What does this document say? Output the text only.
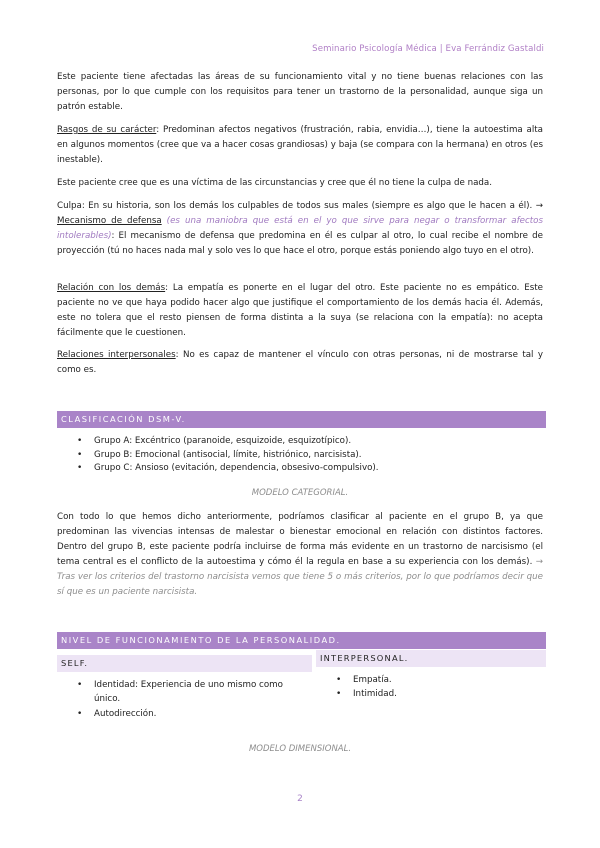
Seminario Psicología Médica | Eva Ferrándiz Gastaldi
Este paciente tiene afectadas las áreas de su funcionamiento vital y no tiene buenas relaciones con las personas, por lo que cumple con los requisitos para tener un trastorno de la personalidad, aunque siga un patrón estable.
Rasgos de su carácter: Predominan afectos negativos (frustración, rabia, envidia…), tiene la autoestima alta en algunos momentos (cree que va a hacer cosas grandiosas) y baja (se compara con la hermana) en otros (es inestable).
Este paciente cree que es una víctima de las circunstancias y cree que él no tiene la culpa de nada.
Culpa: En su historia, son los demás los culpables de todos sus males (siempre es algo que le hacen a él). → Mecanismo de defensa (es una maniobra que está en el yo que sirve para negar o transformar afectos intolerables): El mecanismo de defensa que predomina en él es culpar al otro, lo cual recibe el nombre de proyección (tú no haces nada mal y solo ves lo que hace el otro, porque estás poniendo algo tuyo en el otro).
Relación con los demás: La empatía es ponerte en el lugar del otro. Este paciente no es empático. Este paciente no ve que haya podido hacer algo que justifique el comportamiento de los demás hacia él. Además, este no tolera que el resto piensen de forma distinta a la suya (se relaciona con la empatía): no acepta fácilmente que le cuestionen.
Relaciones interpersonales: No es capaz de mantener el vínculo con otras personas, ni de mostrarse tal y como es.
CLASIFICACIÓN DSM-V.
• Grupo A: Excéntrico (paranoide, esquizoide, esquizotípico).
• Grupo B: Emocional (antisocial, límite, histriónico, narcisista).
• Grupo C: Ansioso (evitación, dependencia, obsesivo-compulsivo).
MODELO CATEGORIAL.
Con todo lo que hemos dicho anteriormente, podríamos clasificar al paciente en el grupo B, ya que predominan las vivencias intensas de malestar o bienestar emocional en relación con distintos factores. Dentro del grupo B, este paciente podría incluirse de forma más evidente en un trastorno de narcisismo (el tema central es el conflicto de la autoestima y cómo él la regula en base a su experiencia con los demás). → Tras ver los criterios del trastorno narcisista vemos que tiene 5 o más criterios, por lo que podríamos decir que sí que es un paciente narcisista.
NIVEL DE FUNCIONAMIENTO DE LA PERSONALIDAD.
SELF.	INTERPERSONAL.
• Identidad: Experiencia de uno mismo como único.
• Autodirección.
• Empatía.
• Intimidad.
MODELO DIMENSIONAL.
2
